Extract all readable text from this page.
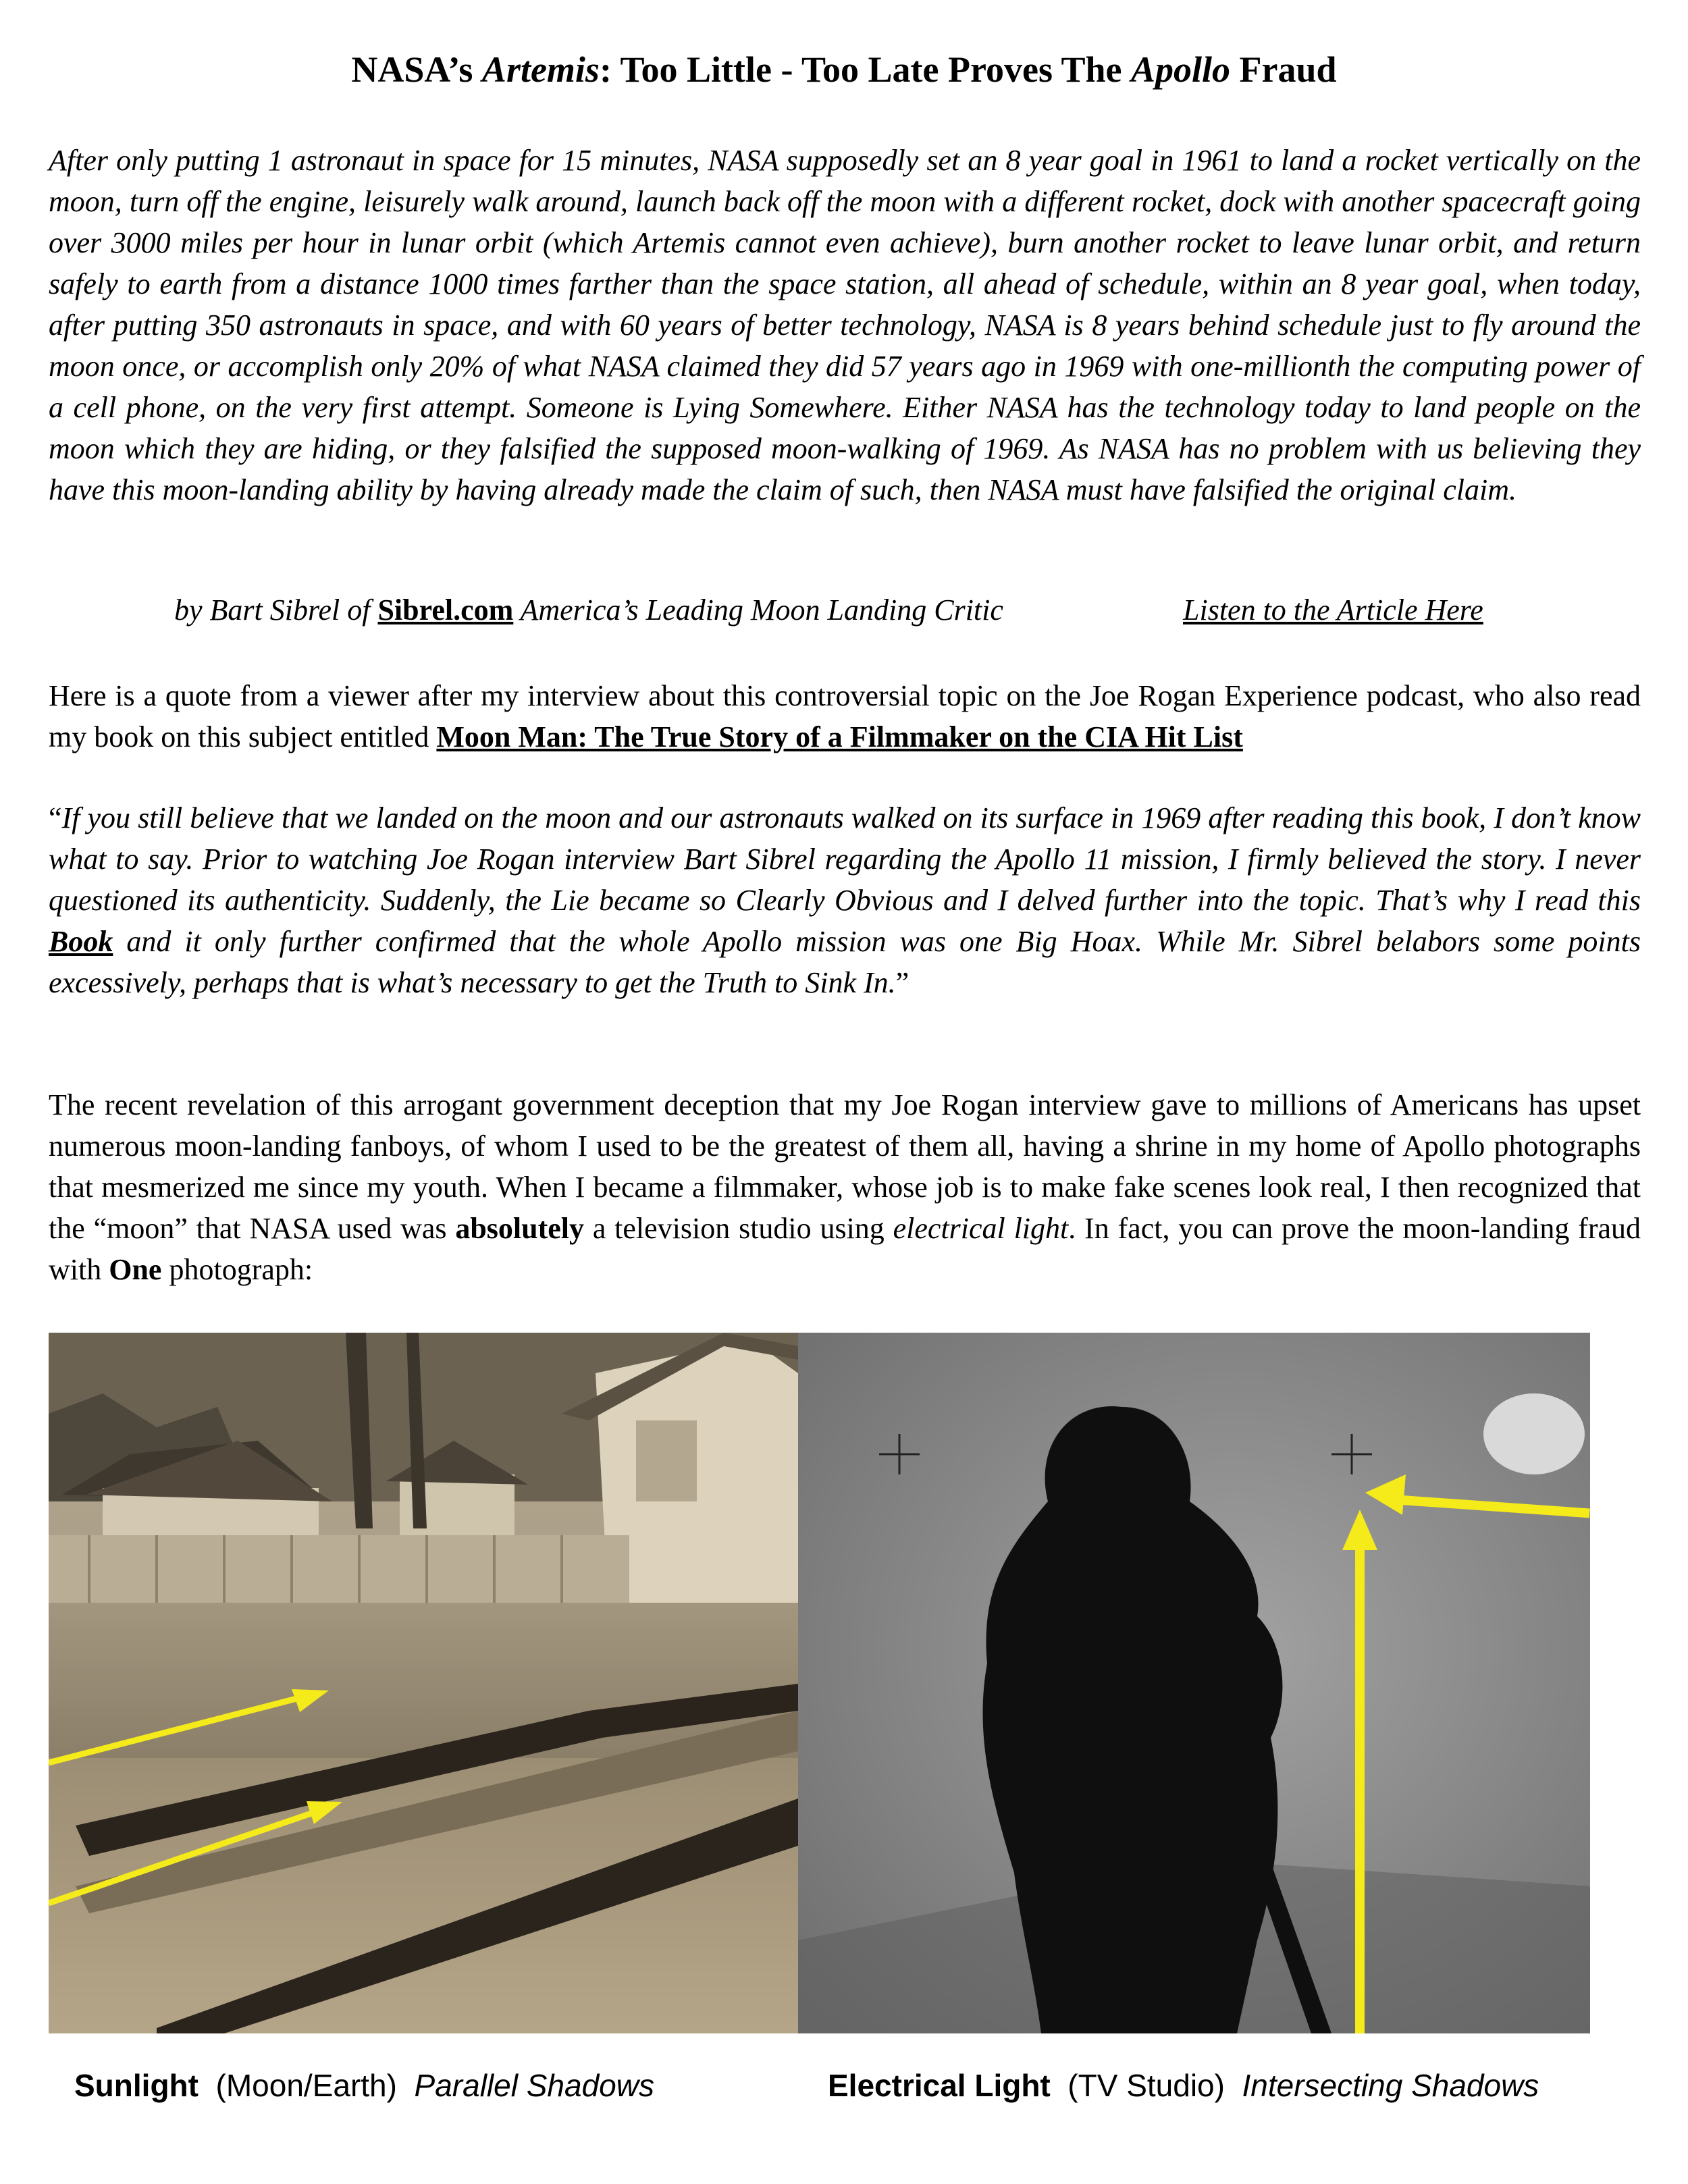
NASA’s Artemis: Too Little - Too Late Proves The Apollo Fraud

After only putting 1 astronaut in space for 15 minutes, NASA supposedly set an 8 year goal in 1961 to land a rocket vertically on the moon, turn off the engine, leisurely walk around, launch back off the moon with a different rocket, dock with another spacecraft going over 3000 miles per hour in lunar orbit (which Artemis cannot even achieve), burn another rocket to leave lunar orbit, and return safely to earth from a distance 1000 times farther than the space station, all ahead of schedule, within an 8 year goal, when today, after putting 350 astronauts in space, and with 60 years of better technology, NASA is 8 years behind schedule just to fly around the moon once, or accomplish only 20% of what NASA claimed they did 57 years ago in 1969 with one-millionth the computing power of a cell phone, on the very first attempt. Someone is Lying Somewhere. Either NASA has the technology today to land people on the moon which they are hiding, or they falsified the supposed moon-walking of 1969. As NASA has no problem with us believing they have this moon-landing ability by having already made the claim of such, then NASA must have falsified the original claim.

by Bart Sibrel of Sibrel.com America’s Leading Moon Landing Critic	Listen to the Article Here

Here is a quote from a viewer after my interview about this controversial topic on the Joe Rogan Experience podcast, who also read my book on this subject entitled Moon Man: The True Story of a Filmmaker on the CIA Hit List

“If you still believe that we landed on the moon and our astronauts walked on its surface in 1969 after reading this book, I don’t know what to say. Prior to watching Joe Rogan interview Bart Sibrel regarding the Apollo 11 mission, I firmly believed the story. I never questioned its authenticity. Suddenly, the Lie became so Clearly Obvious and I delved further into the topic. That’s why I read this Book and it only further confirmed that the whole Apollo mission was one Big Hoax. While Mr. Sibrel belabors some points excessively, perhaps that is what’s necessary to get the Truth to Sink In.”

The recent revelation of this arrogant government deception that my Joe Rogan interview gave to millions of Americans has upset numerous moon-landing fanboys, of whom I used to be the greatest of them all, having a shrine in my home of Apollo photographs that mesmerized me since my youth. When I became a filmmaker, whose job is to make fake scenes look real, I then recognized that the “moon” that NASA used was absolutely a television studio using electrical light. In fact, you can prove the moon-landing fraud with One photograph:

Sunlight  (Moon/Earth)  Parallel Shadows	Electrical Light  (TV Studio)  Intersecting Shadows
